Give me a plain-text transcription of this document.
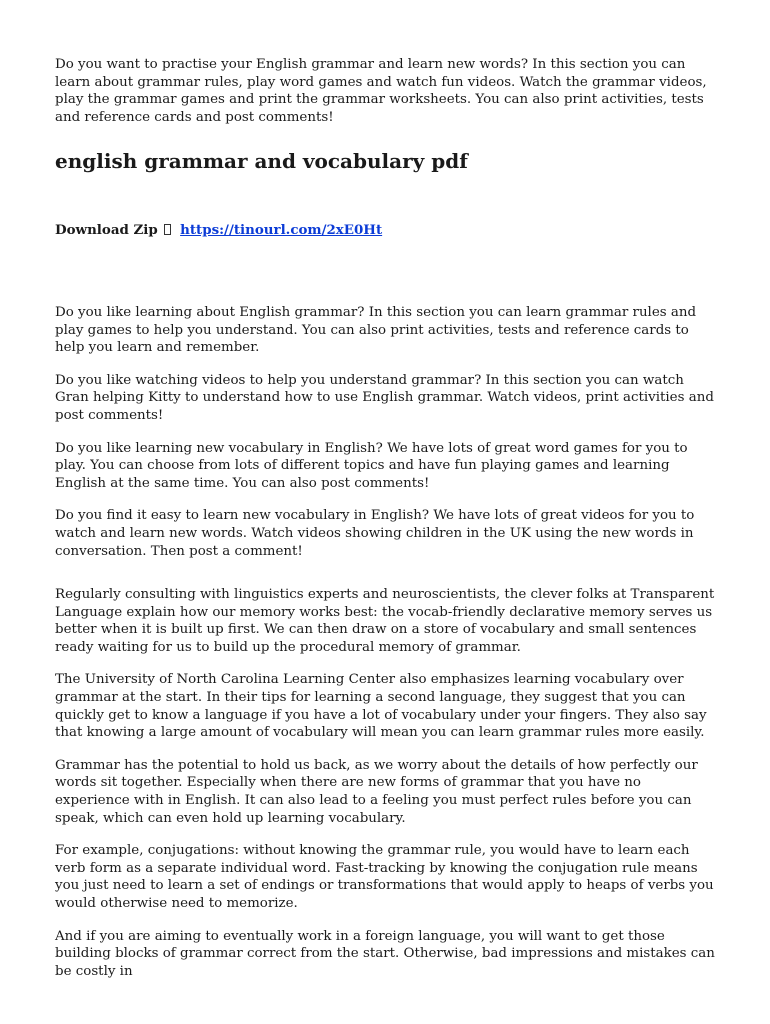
Do you want to practise your English grammar and learn new words? In this section you can learn about grammar rules, play word games and watch fun videos. Watch the grammar videos, play the grammar games and print the grammar worksheets. You can also print activities, tests and reference cards and post comments!

english grammar and vocabulary pdf
Download Zip https://tinourl.com/2xE0Ht

Do you like learning about English grammar? In this section you can learn grammar rules and play games to help you understand. You can also print activities, tests and reference cards to help you learn and remember.

Do you like watching videos to help you understand grammar? In this section you can watch Gran helping Kitty to understand how to use English grammar. Watch videos, print activities and post comments!

Do you like learning new vocabulary in English? We have lots of great word games for you to play. You can choose from lots of different topics and have fun playing games and learning English at the same time. You can also post comments!

Do you find it easy to learn new vocabulary in English? We have lots of great videos for you to watch and learn new words. Watch videos showing children in the UK using the new words in conversation. Then post a comment!

Regularly consulting with linguistics experts and neuroscientists, the clever folks at Transparent Language explain how our memory works best: the vocab-friendly declarative memory serves us better when it is built up first. We can then draw on a store of vocabulary and small sentences ready waiting for us to build up the procedural memory of grammar.

The University of North Carolina Learning Center also emphasizes learning vocabulary over grammar at the start. In their tips for learning a second language, they suggest that you can quickly get to know a language if you have a lot of vocabulary under your fingers. They also say that knowing a large amount of vocabulary will mean you can learn grammar rules more easily.

Grammar has the potential to hold us back, as we worry about the details of how perfectly our words sit together. Especially when there are new forms of grammar that you have no experience with in English. It can also lead to a feeling you must perfect rules before you can speak, which can even hold up learning vocabulary.

For example, conjugations: without knowing the grammar rule, you would have to learn each verb form as a separate individual word. Fast-tracking by knowing the conjugation rule means you just need to learn a set of endings or transformations that would apply to heaps of verbs you would otherwise need to memorize.

And if you are aiming to eventually work in a foreign language, you will want to get those building blocks of grammar correct from the start. Otherwise, bad impressions and mistakes can be costly in
